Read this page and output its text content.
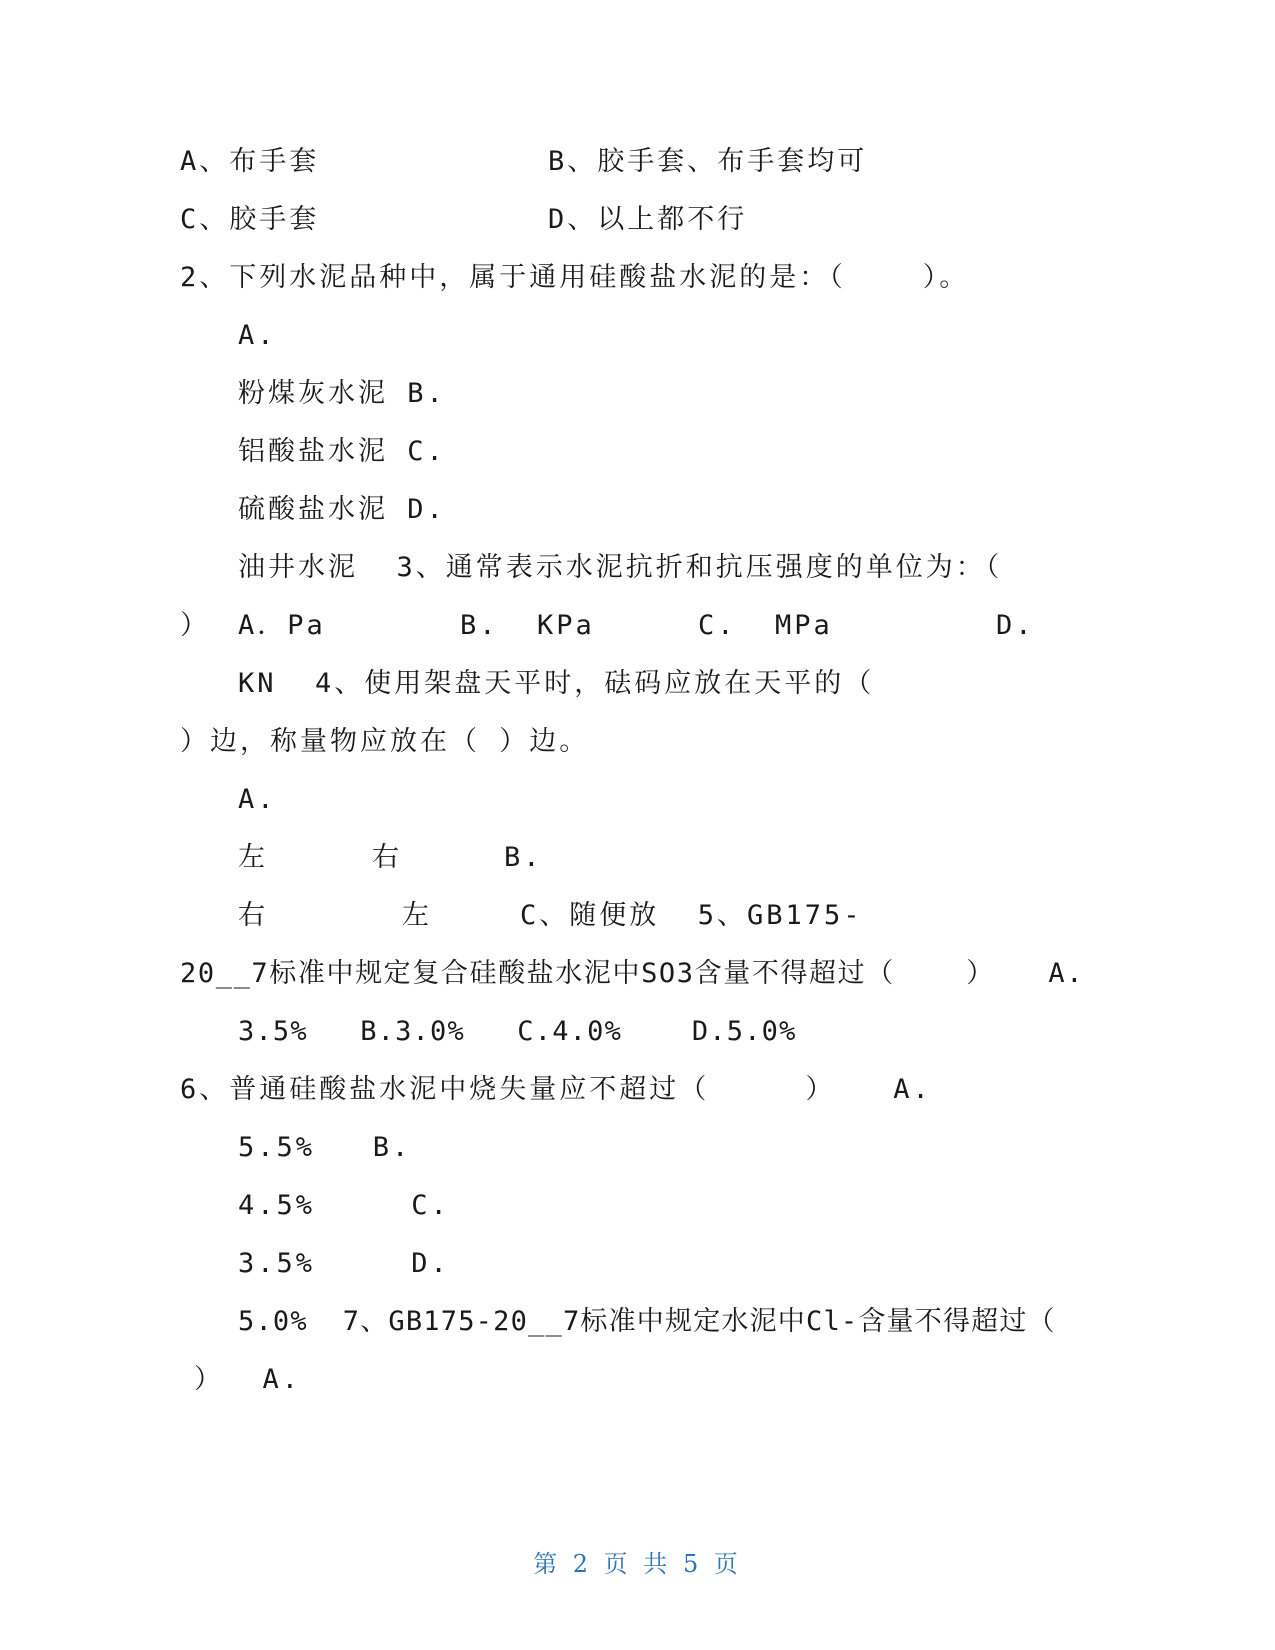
A、布手套	B、胶手套、布手套均可
C、胶手套	D、以上都不行
2、下列水泥品种中，属于通用硅酸盐水泥的是：（    ）。
A.
粉煤灰水泥 B.
铝酸盐水泥 C.
硫酸盐水泥 D.
油井水泥  3、通常表示水泥抗折和抗压强度的单位为：（
） A．Pa	B.  KPa	C.  MPa	D.
KN  4、使用架盘天平时，砝码应放在天平的（
）边，称量物应放在（ ）边。
A.
左	右	B.
右	左	C、随便放  5、GB175-
20__7标准中规定复合硅酸盐水泥中SO3含量不得超过（    ）   A.
3.5%   B.3.0%   C.4.0%    D.5.0%
6、普通硅酸盐水泥中烧失量应不超过（     ）   A.
5.5%   B.
4.5%     C.
3.5%     D.
5.0%  7、GB175-20__7标准中规定水泥中Cl-含量不得超过（
）  A.
第 2 页 共 5 页
